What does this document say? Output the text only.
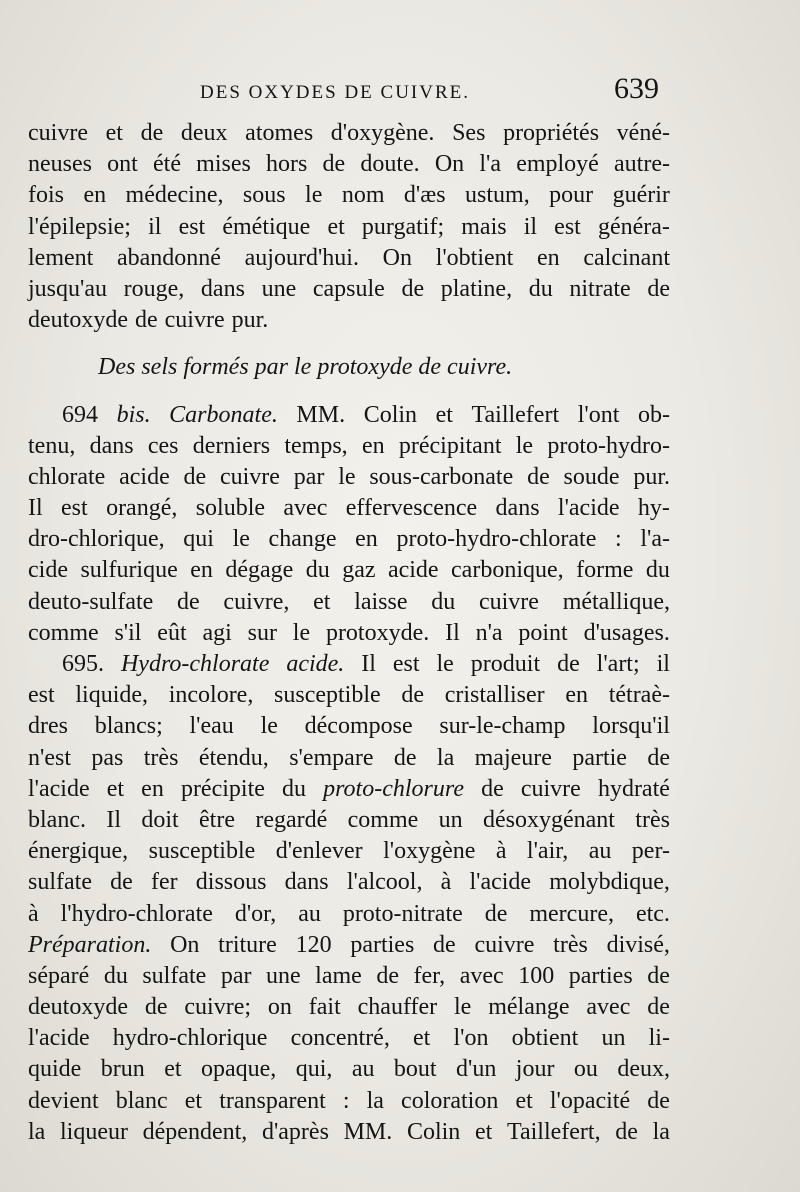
DES OXYDES DE CUIVRE.	639
cuivre et de deux atomes d'oxygène. Ses propriétés véné-
neuses ont été mises hors de doute. On l'a employé autre-
fois en médecine, sous le nom d'æs ustum, pour guérir
l'épilepsie; il est émétique et purgatif; mais il est généra-
lement abandonné aujourd'hui. On l'obtient en calcinant
jusqu'au rouge, dans une capsule de platine, du nitrate de
deutoxyde de cuivre pur.
Des sels formés par le protoxyde de cuivre.
694 bis. Carbonate. MM. Colin et Taillefert l'ont ob-
tenu, dans ces derniers temps, en précipitant le proto-hydro-
chlorate acide de cuivre par le sous-carbonate de soude pur.
Il est orangé, soluble avec effervescence dans l'acide hy-
dro-chlorique, qui le change en proto-hydro-chlorate : l'a-
cide sulfurique en dégage du gaz acide carbonique, forme du
deuto-sulfate de cuivre, et laisse du cuivre métallique,
comme s'il eût agi sur le protoxyde. Il n'a point d'usages.
695. Hydro-chlorate acide. Il est le produit de l'art; il
est liquide, incolore, susceptible de cristalliser en tétraè-
dres blancs; l'eau le décompose sur-le-champ lorsqu'il
n'est pas très étendu, s'empare de la majeure partie de
l'acide et en précipite du proto-chlorure de cuivre hydraté
blanc. Il doit être regardé comme un désoxygénant très
énergique, susceptible d'enlever l'oxygène à l'air, au per-
sulfate de fer dissous dans l'alcool, à l'acide molybdique,
à l'hydro-chlorate d'or, au proto-nitrate de mercure, etc.
Préparation. On triture 120 parties de cuivre très divisé,
séparé du sulfate par une lame de fer, avec 100 parties de
deutoxyde de cuivre; on fait chauffer le mélange avec de
l'acide hydro-chlorique concentré, et l'on obtient un li-
quide brun et opaque, qui, au bout d'un jour ou deux,
devient blanc et transparent : la coloration et l'opacité de
la liqueur dépendent, d'après MM. Colin et Taillefert, de la
